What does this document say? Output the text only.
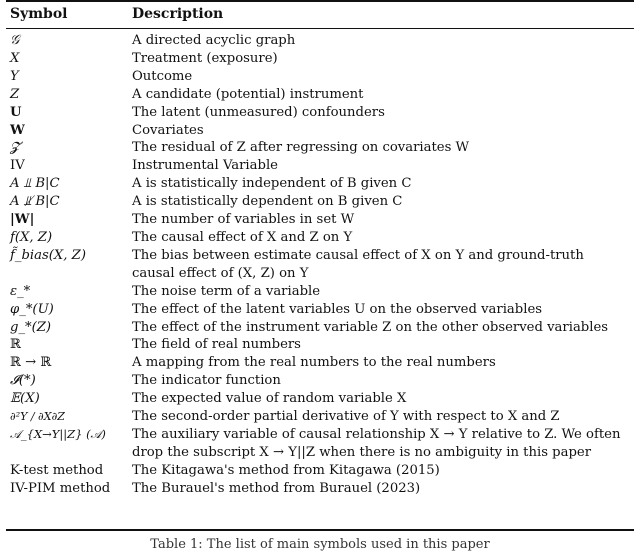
Symbol	Description
𝒢	A directed acyclic graph
X	Treatment (exposure)
Y	Outcome
Z	A candidate (potential) instrument
U	The latent (unmeasured) confounders
W	Covariates
𝓩	The residual of Z after regressing on covariates W
IV	Instrumental Variable
A ⫫ B|C	A is statistically independent of B given C
A ⫫̸ B|C	A is statistically dependent on B given C
|W|	The number of variables in set W
f(X, Z)	The causal effect of X and Z on Y
f̃_bias(X, Z)	The bias between estimate causal effect of X on Y and ground-truth causal effect of (X, Z) on Y
ε_*	The noise term of a variable
φ_*(U)	The effect of the latent variables U on the observed variables
g_*(Z)	The effect of the instrument variable Z on the other observed variables
ℝ	The field of real numbers
ℝ → ℝ	A mapping from the real numbers to the real numbers
𝓘(*)	The indicator function
𝔼(X)	The expected value of random variable X
∂²Y / ∂X∂Z	The second-order partial derivative of Y with respect to X and Z
𝒜_{X→Y||Z} (𝒜)	The auxiliary variable of causal relationship X → Y relative to Z. We often drop the subscript X → Y||Z when there is no ambiguity in this paper
K-test method	The Kitagawa's method from Kitagawa (2015)
IV-PIM method	The Burauel's method from Burauel (2023)
Table 1: The list of main symbols used in this paper
